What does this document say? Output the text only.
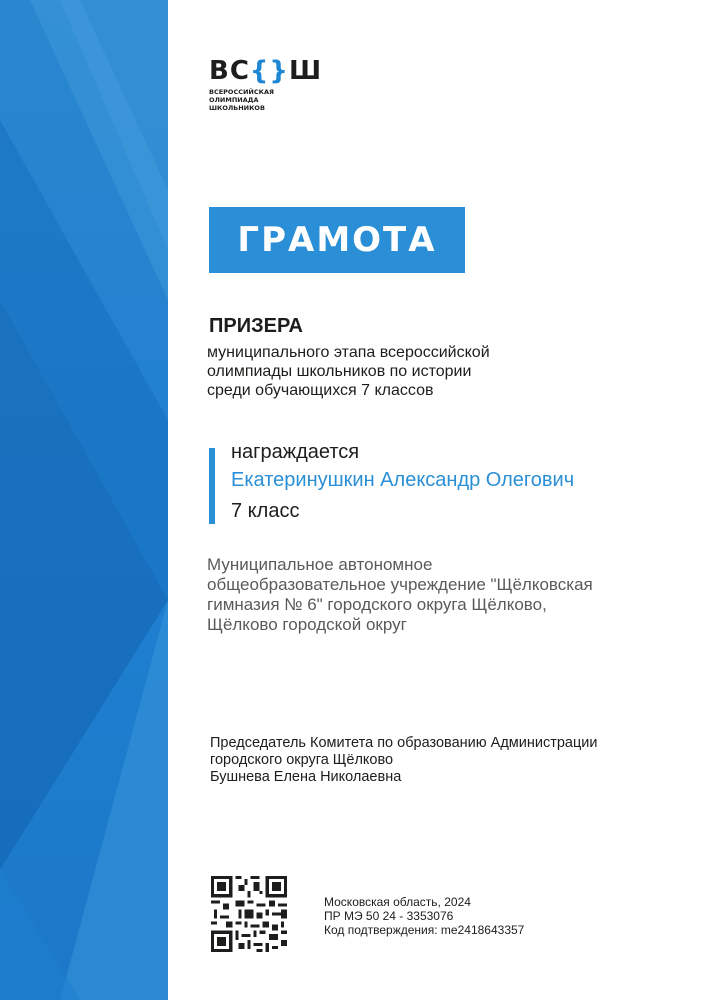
ВС{}Ш
ВСЕРОССИЙСКАЯ
ОЛИМПИАДА
ШКОЛЬНИКОВ
ГРАМОТА
ПРИЗЕРА
муниципального этапа всероссийской
олимпиады школьников по истории
среди обучающихся 7 классов
награждается
Екатеринушкин Александр Олегович
7 класс
Муниципальное автономное
общеобразовательное учреждение "Щёлковская
гимназия № 6" городского округа Щёлково,
Щёлково городской округ
Председатель Комитета по образованию Администрации
городского округа Щёлково
Бушнева Елена Николаевна
Московская область, 2024
ПР МЭ 50 24 - 3353076
Код подтверждения: me2418643357
